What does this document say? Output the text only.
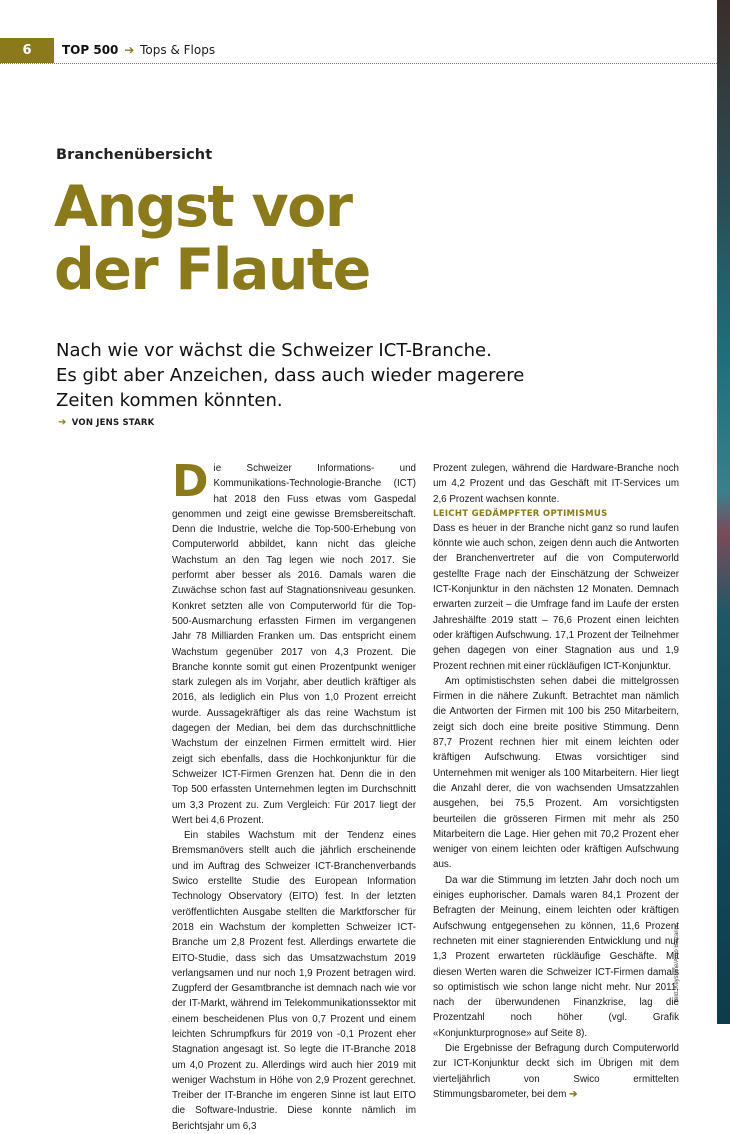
6	TOP 500 ➔ Tops & Flops
Branchenübersicht
Angst vor
der Flaute
Nach wie vor wächst die Schweizer ICT-Branche.
Es gibt aber Anzeichen, dass auch wieder magerere
Zeiten kommen könnten.
➔ VON JENS STARK

Die Schweizer Informations- und Kommunikations-Technologie-Branche (ICT) hat 2018 den Fuss etwas vom Gaspedal genommen und zeigt eine gewisse Bremsbereitschaft. Denn die Industrie, welche die Top-500-Erhebung von Computerworld abbildet, kann nicht das gleiche Wachstum an den Tag legen wie noch 2017. Sie performt aber besser als 2016. Damals waren die Zuwächse schon fast auf Stagnationsniveau gesunken. Konkret setzten alle von Computerworld für die Top-500-Ausmarchung erfassten Firmen im vergangenen Jahr 78 Milliarden Franken um. Das entspricht einem Wachstum gegenüber 2017 von 4,3 Prozent. Die Branche konnte somit gut einen Prozentpunkt weniger stark zulegen als im Vorjahr, aber deutlich kräftiger als 2016, als lediglich ein Plus von 1,0 Prozent erreicht wurde. Aussagekräftiger als das reine Wachstum ist dagegen der Median, bei dem das durchschnittliche Wachstum der einzelnen Firmen ermittelt wird. Hier zeigt sich ebenfalls, dass die Hochkonjunktur für die Schweizer ICT-Firmen Grenzen hat. Denn die in den Top 500 erfassten Unternehmen legten im Durchschnitt um 3,3 Prozent zu. Zum Vergleich: Für 2017 liegt der Wert bei 4,6 Prozent.

Ein stabiles Wachstum mit der Tendenz eines Bremsmanövers stellt auch die jährlich erscheinende und im Auftrag des Schweizer ICT-Branchenverbands Swico erstellte Studie des European Information Technology Observatory (EITO) fest. In der letzten veröffentlichten Ausgabe stellten die Marktforscher für 2018 ein Wachstum der kompletten Schweizer ICT-Branche um 2,8 Prozent fest. Allerdings erwartete die EITO-Studie, dass sich das Umsatzwachstum 2019 verlangsamen und nur noch 1,9 Prozent betragen wird. Zugpferd der Gesamtbranche ist demnach nach wie vor der IT-Markt, während im Telekommunikationssektor mit einem bescheidenen Plus von 0,7 Prozent und einem leichten Schrumpfkurs für 2019 von -0,1 Prozent eher Stagnation angesagt ist. So legte die IT-Branche 2018 um 4,0 Prozent zu. Allerdings wird auch hier 2019 mit weniger Wachstum in Höhe von 2,9 Prozent gerechnet. Treiber der IT-Branche im engeren Sinne ist laut EITO die Software-Industrie. Diese konnte nämlich im Berichtsjahr um 6,3

Prozent zulegen, während die Hardware-Branche noch um 4,2 Prozent und das Geschäft mit IT-Services um 2,6 Prozent wachsen konnte.

LEICHT GEDÄMPFTER OPTIMISMUS

Dass es heuer in der Branche nicht ganz so rund laufen könnte wie auch schon, zeigen denn auch die Antworten der Branchenvertreter auf die von Computerworld gestellte Frage nach der Einschätzung der Schweizer ICT-Konjunktur in den nächsten 12 Monaten. Demnach erwarten zurzeit – die Umfrage fand im Laufe der ersten Jahreshälfte 2019 statt – 76,6 Prozent einen leichten oder kräftigen Aufschwung. 17,1 Prozent der Teilnehmer gehen dagegen von einer Stagnation aus und 1,9 Prozent rechnen mit einer rückläufigen ICT-Konjunktur.

Am optimistischsten sehen dabei die mittelgrossen Firmen in die nähere Zukunft. Betrachtet man nämlich die Antworten der Firmen mit 100 bis 250 Mitarbeitern, zeigt sich doch eine breite positive Stimmung. Denn 87,7 Prozent rechnen hier mit einem leichten oder kräftigen Aufschwung. Etwas vorsichtiger sind Unternehmen mit weniger als 100 Mitarbeitern. Hier liegt die Anzahl derer, die von wachsenden Umsatzzahlen ausgehen, bei 75,5 Prozent. Am vorsichtigsten beurteilen die grösseren Firmen mit mehr als 250 Mitarbeitern die Lage. Hier gehen mit 70,2 Prozent eher weniger von einem leichten oder kräftigen Aufschwung aus.

Da war die Stimmung im letzten Jahr doch noch um einiges euphorischer. Damals waren 84,1 Prozent der Befragten der Meinung, einem leichten oder kräftigen Aufschwung entgegensehen zu können, 11,6 Prozent rechneten mit einer stagnierenden Entwicklung und nur 1,3 Prozent erwarteten rückläufige Geschäfte. Mit diesen Werten waren die Schweizer ICT-Firmen damals so optimistisch wie schon lange nicht mehr. Nur 2011, nach der überwundenen Finanzkrise, lag die Prozentzahl noch höher (vgl. Grafik «Konjunkturprognose» auf Seite 8).

Die Ergebnisse der Befragung durch Computerworld zur ICT-Konjunktur deckt sich im Übrigen mit dem vierteljährlich von Swico ermittelten Stimmungsbarometer, bei dem ➔

Bild: Keystone/Arno Balzarini
